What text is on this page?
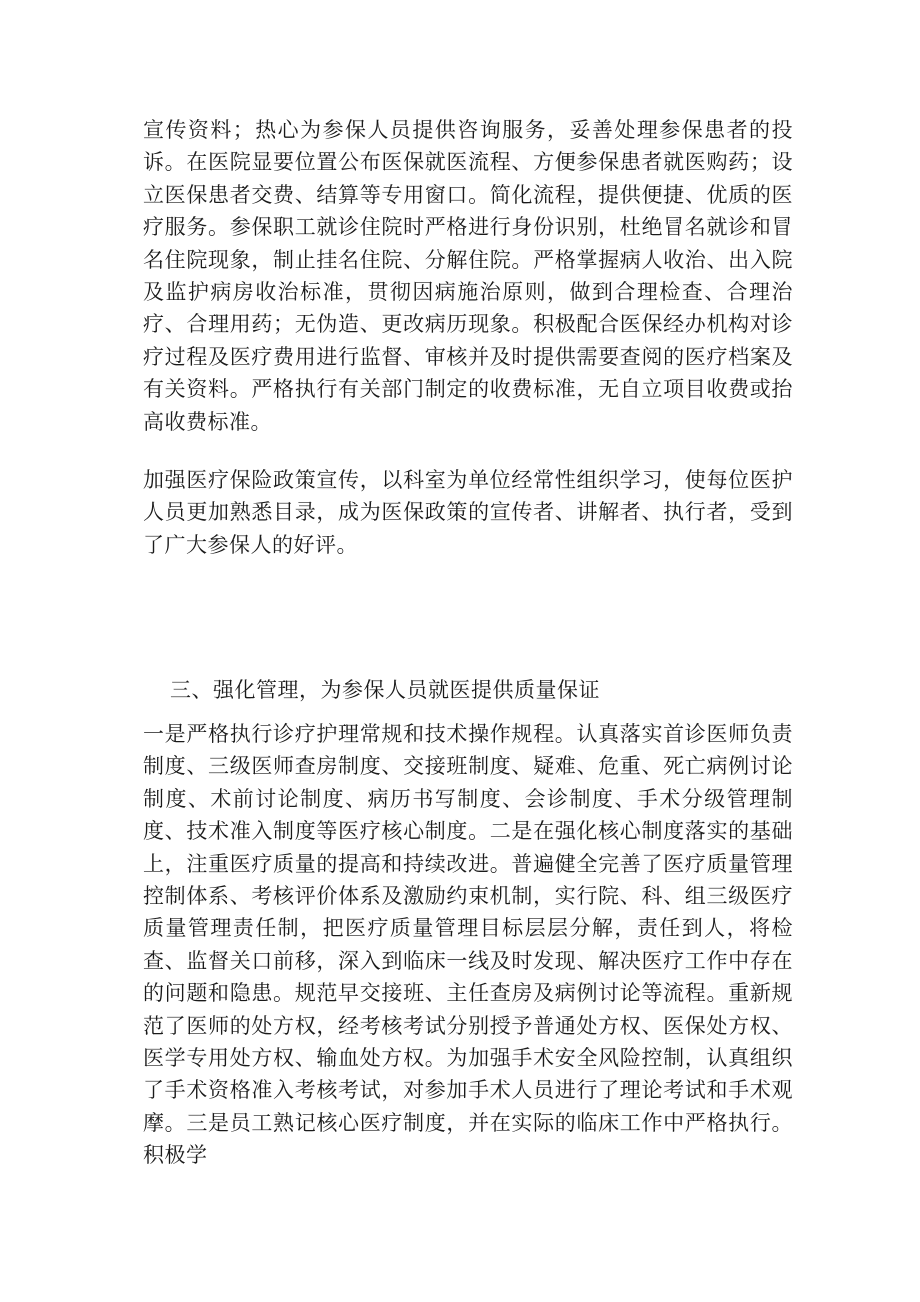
宣传资料；热心为参保人员提供咨询服务，妥善处理参保患者的投诉。在医院显要位置公布医保就医流程、方便参保患者就医购药；设立医保患者交费、结算等专用窗口。简化流程，提供便捷、优质的医疗服务。参保职工就诊住院时严格进行身份识别，杜绝冒名就诊和冒名住院现象，制止挂名住院、分解住院。严格掌握病人收治、出入院及监护病房收治标准，贯彻因病施治原则，做到合理检查、合理治疗、合理用药；无伪造、更改病历现象。积极配合医保经办机构对诊疗过程及医疗费用进行监督、审核并及时提供需要查阅的医疗档案及有关资料。严格执行有关部门制定的收费标准，无自立项目收费或抬高收费标准。

加强医疗保险政策宣传，以科室为单位经常性组织学习，使每位医护人员更加熟悉目录，成为医保政策的宣传者、讲解者、执行者，受到了广大参保人的好评。

三、强化管理，为参保人员就医提供质量保证

一是严格执行诊疗护理常规和技术操作规程。认真落实首诊医师负责制度、三级医师查房制度、交接班制度、疑难、危重、死亡病例讨论制度、术前讨论制度、病历书写制度、会诊制度、手术分级管理制度、技术准入制度等医疗核心制度。二是在强化核心制度落实的基础上，注重医疗质量的提高和持续改进。普遍健全完善了医疗质量管理控制体系、考核评价体系及激励约束机制，实行院、科、组三级医疗质量管理责任制，把医疗质量管理目标层层分解，责任到人，将检查、监督关口前移，深入到临床一线及时发现、解决医疗工作中存在的问题和隐患。规范早交接班、主任查房及病例讨论等流程。重新规范了医师的处方权，经考核考试分别授予普通处方权、医保处方权、医学专用处方权、输血处方权。为加强手术安全风险控制，认真组织了手术资格准入考核考试，对参加手术人员进行了理论考试和手术观摩。三是员工熟记核心医疗制度，并在实际的临床工作中严格执行。积极学
